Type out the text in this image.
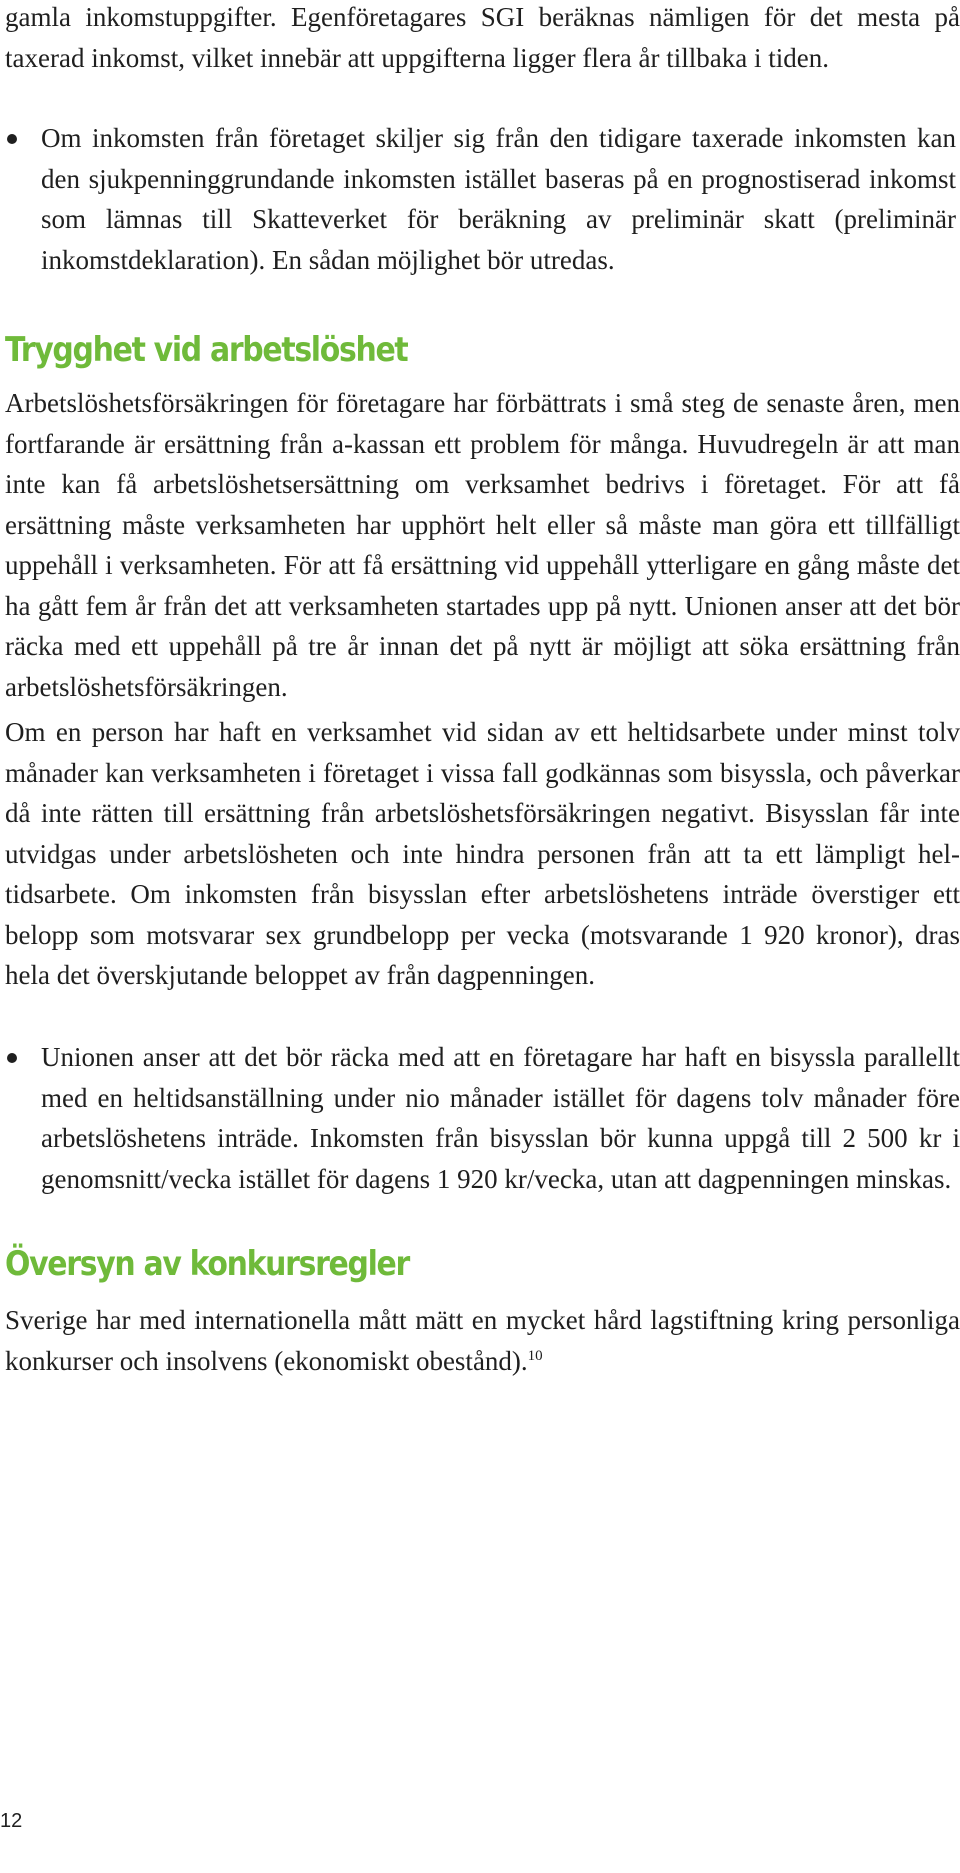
gamla inkomstuppgifter. Egenföretagares SGI beräknas nämligen för det mesta på taxerad inkomst, vilket innebär att uppgifterna ligger flera år tillbaka i tiden.

Om inkomsten från företaget skiljer sig från den tidigare taxerade inkomsten kan den sjukpenninggrundande inkomsten istället baseras på en prognostiserad inkomst som lämnas till Skatteverket för beräkning av preliminär skatt (preliminär inkomstdeklaration). En sådan möjlighet bör utredas.
Trygghet vid arbetslöshet

Arbetslöshetsförsäkringen för företagare har förbättrats i små steg de senaste åren, men fortfarande är ersättning från a-kassan ett problem för många. Huvudregeln är att man inte kan få arbetslöshetsersättning om verksamhet bedrivs i företaget. För att få ersättning måste verksamheten har upphört helt eller så måste man göra ett tillfälligt uppehåll i verksamheten. För att få ersättning vid uppehåll ytterligare en gång måste det ha gått fem år från det att verksamheten startades upp på nytt. Unionen anser att det bör räcka med ett uppehåll på tre år innan det på nytt är möjligt att söka ersättning från arbetslöshetsförsäkringen.

Om en person har haft en verksamhet vid sidan av ett heltidsarbete under minst tolv månader kan verksamheten i företaget i vissa fall godkännas som bisyssla, och påverkar då inte rätten till ersättning från arbetslöshetsförsäkringen negativt. Bisysslan får inte utvidgas under arbetslösheten och inte hindra personen från att ta ett lämpligt heltidsarbete. Om inkomsten från bisysslan efter arbetslöshetens inträde överstiger ett belopp som motsvarar sex grundbelopp per vecka (motsvarande 1 920 kronor), dras hela det överskjutande beloppet av från dagpenningen.

Unionen anser att det bör räcka med att en företagare har haft en bisyssla parallellt med en heltidsanställning under nio månader istället för dagens tolv månader före arbetslöshetens inträde. Inkomsten från bisysslan bör kunna uppgå till 2 500 kr i genomsnitt/vecka istället för dagens 1 920 kr/vecka, utan att dagpenningen minskas.
Översyn av konkursregler

Sverige har med internationella mått mätt en mycket hård lagstiftning kring personliga konkurser och insolvens (ekonomiskt obestånd).$^{10}$

12
